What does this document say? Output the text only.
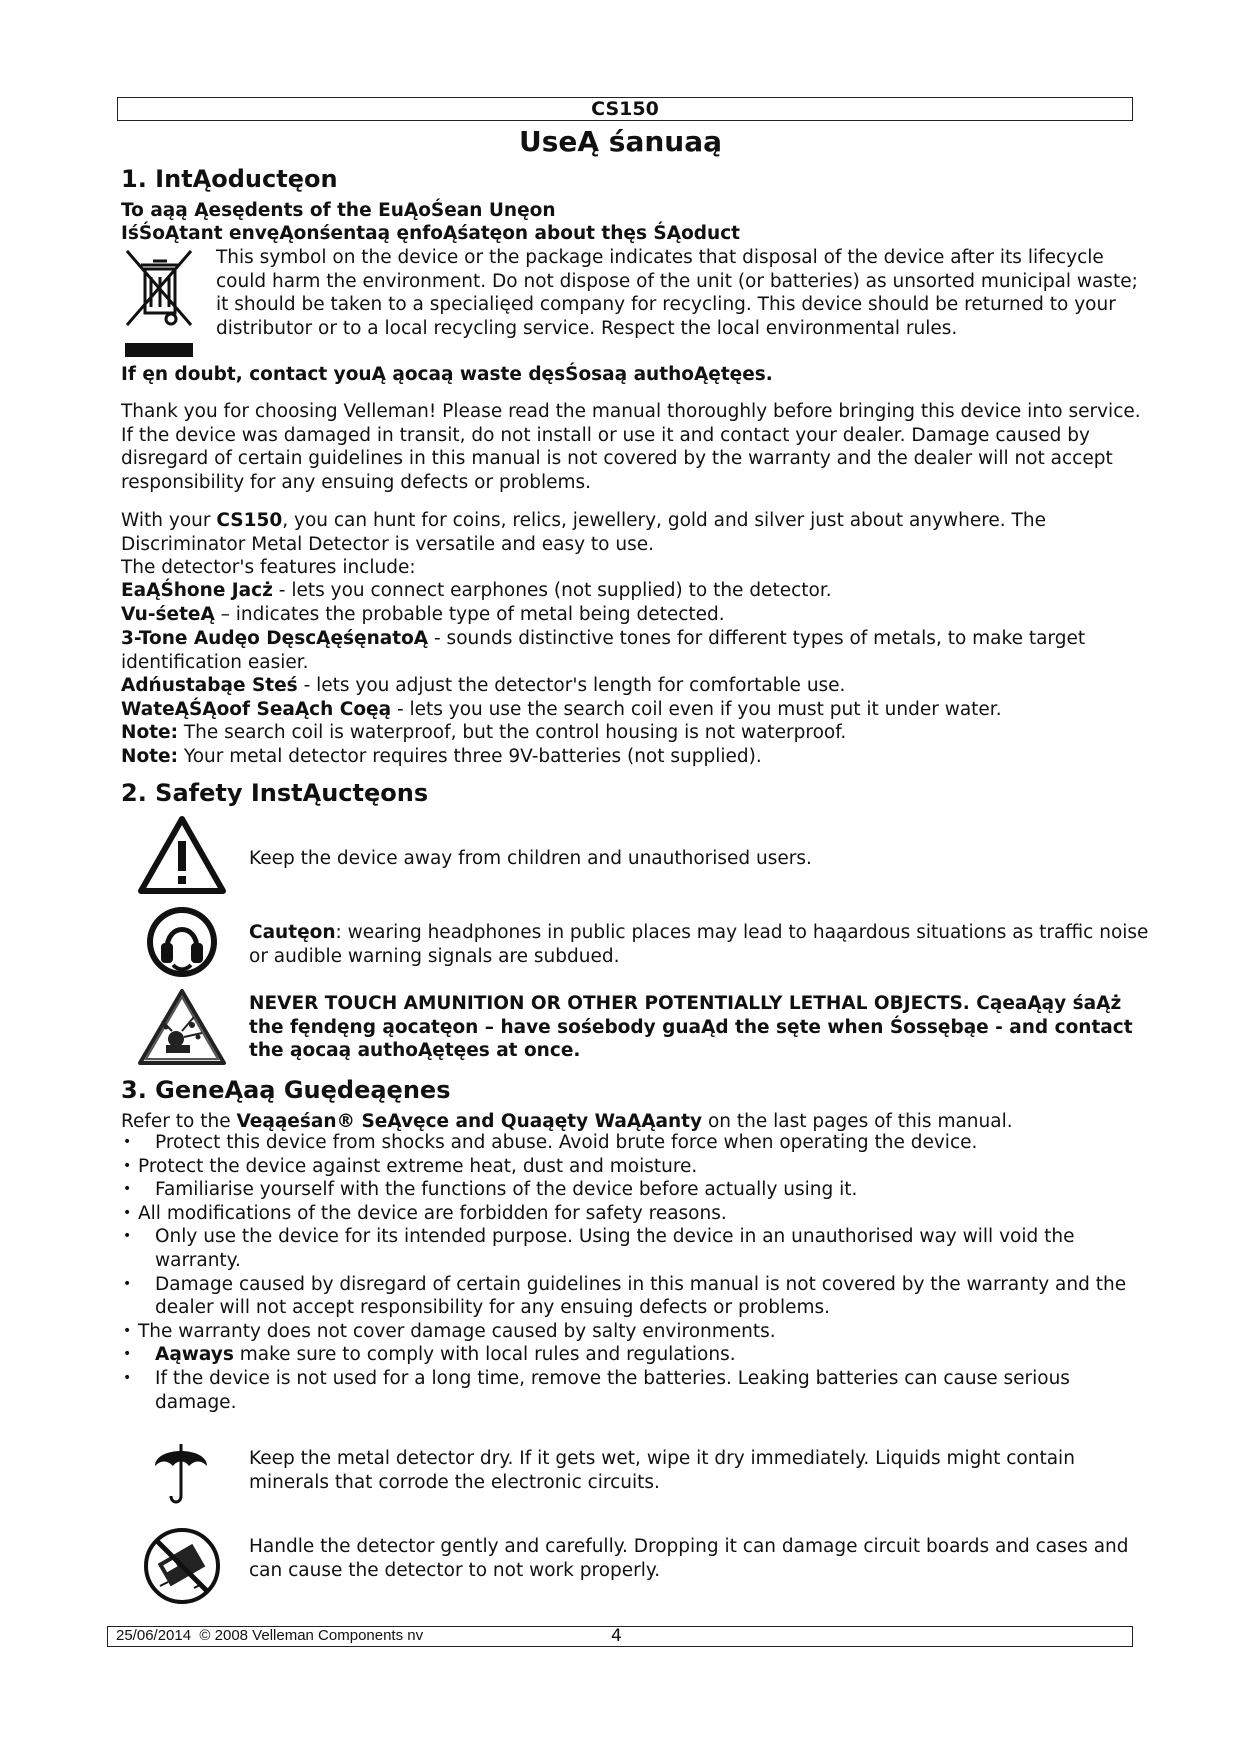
CS150
UseĄ śanuaą
1. IntĄoductęon
To aąą Ąesędents of the EuĄoŚean Unęon
IśŚoĄtant envęĄonśentaą ęnfoĄśatęon about thęs ŚĄoduct
This symbol on the device or the package indicates that disposal of the device after its lifecycle could harm the environment. Do not dispose of the unit (or batteries) as unsorted municipal waste; it should be taken to a specialięed company for recycling. This device should be returned to your distributor or to a local recycling service. Respect the local environmental rules.
If ęn doubt, contact youĄ ąocaą waste dęsŚosaą authoĄętęes.
Thank you for choosing Velleman! Please read the manual thoroughly before bringing this device into service. If the device was damaged in transit, do not install or use it and contact your dealer. Damage caused by disregard of certain guidelines in this manual is not covered by the warranty and the dealer will not accept responsibility for any ensuing defects or problems.
With your CS150, you can hunt for coins, relics, jewellery, gold and silver just about anywhere. The Discriminator Metal Detector is versatile and easy to use.
The detector's features include:
EaĄŚhone Jacż - lets you connect earphones (not supplied) to the detector.
Vu-śeteĄ – indicates the probable type of metal being detected.
3-Tone Audęo DęscĄęśęnatoĄ - sounds distinctive tones for different types of metals, to make target identification easier.
Adńustabąe Steś - lets you adjust the detector's length for comfortable use.
WateĄŚĄoof SeaĄch Coęą - lets you use the search coil even if you must put it under water.
Note: The search coil is waterproof, but the control housing is not waterproof.
Note: Your metal detector requires three 9V-batteries (not supplied).
2. Safety InstĄuctęons
Keep the device away from children and unauthorised users.
Cautęon: wearing headphones in public places may lead to haąardous situations as traffic noise or audible warning signals are subdued.
NEVER TOUCH AMUNITION OR OTHER POTENTIALLY LETHAL OBJECTS. CąeaĄąy śaĄż the fęndęng ąocatęon – have sośebody guaĄd the sęte when Śossębąe - and contact the ąocaą authoĄętęes at once.
3. GeneĄaą Guędeąęnes
Refer to the Veąąeśan® SeĄvęce and Quaąęty WaĄĄanty on the last pages of this manual.
• Protect this device from shocks and abuse. Avoid brute force when operating the device.
• Protect the device against extreme heat, dust and moisture.
• Familiarise yourself with the functions of the device before actually using it.
• All modifications of the device are forbidden for safety reasons.
• Only use the device for its intended purpose. Using the device in an unauthorised way will void the warranty.
• Damage caused by disregard of certain guidelines in this manual is not covered by the warranty and the dealer will not accept responsibility for any ensuing defects or problems.
• The warranty does not cover damage caused by salty environments.
• Aąways make sure to comply with local rules and regulations.
• If the device is not used for a long time, remove the batteries. Leaking batteries can cause serious damage.
Keep the metal detector dry. If it gets wet, wipe it dry immediately. Liquids might contain minerals that corrode the electronic circuits.
Handle the detector gently and carefully. Dropping it can damage circuit boards and cases and can cause the detector to not work properly.
25/06/2014 © 2008 Velleman Components nv	4
